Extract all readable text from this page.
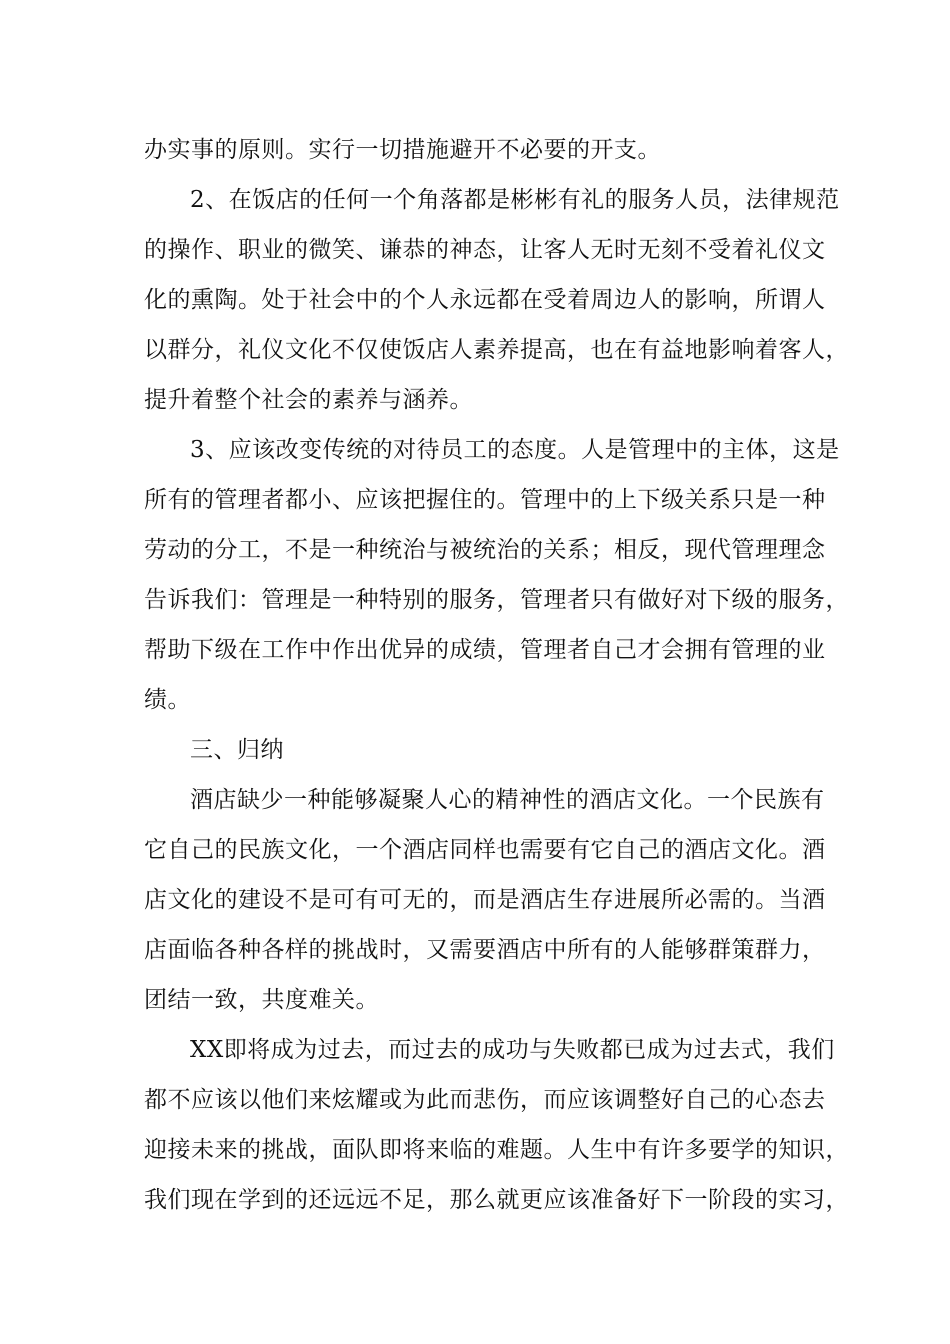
办实事的原则。实行一切措施避开不必要的开支。
2、在饭店的任何一个角落都是彬彬有礼的服务人员，法律规范
的操作、职业的微笑、谦恭的神态，让客人无时无刻不受着礼仪文
化的熏陶。处于社会中的个人永远都在受着周边人的影响，所谓人
以群分，礼仪文化不仅使饭店人素养提高，也在有益地影响着客人，
提升着整个社会的素养与涵养。
3、应该改变传统的对待员工的态度。人是管理中的主体，这是
所有的管理者都小、应该把握住的。管理中的上下级关系只是一种
劳动的分工，不是一种统治与被统治的关系；相反，现代管理理念
告诉我们：管理是一种特别的服务，管理者只有做好对下级的服务，
帮助下级在工作中作出优异的成绩，管理者自己才会拥有管理的业
绩。
三、归纳
酒店缺少一种能够凝聚人心的精神性的酒店文化。一个民族有
它自己的民族文化，一个酒店同样也需要有它自己的酒店文化。酒
店文化的建设不是可有可无的，而是酒店生存进展所必需的。当酒
店面临各种各样的挑战时，又需要酒店中所有的人能够群策群力，
团结一致，共度难关。
XX即将成为过去，而过去的成功与失败都已成为过去式，我们
都不应该以他们来炫耀或为此而悲伤，而应该调整好自己的心态去
迎接未来的挑战，面队即将来临的难题。人生中有许多要学的知识，
我们现在学到的还远远不足，那么就更应该准备好下一阶段的实习，
